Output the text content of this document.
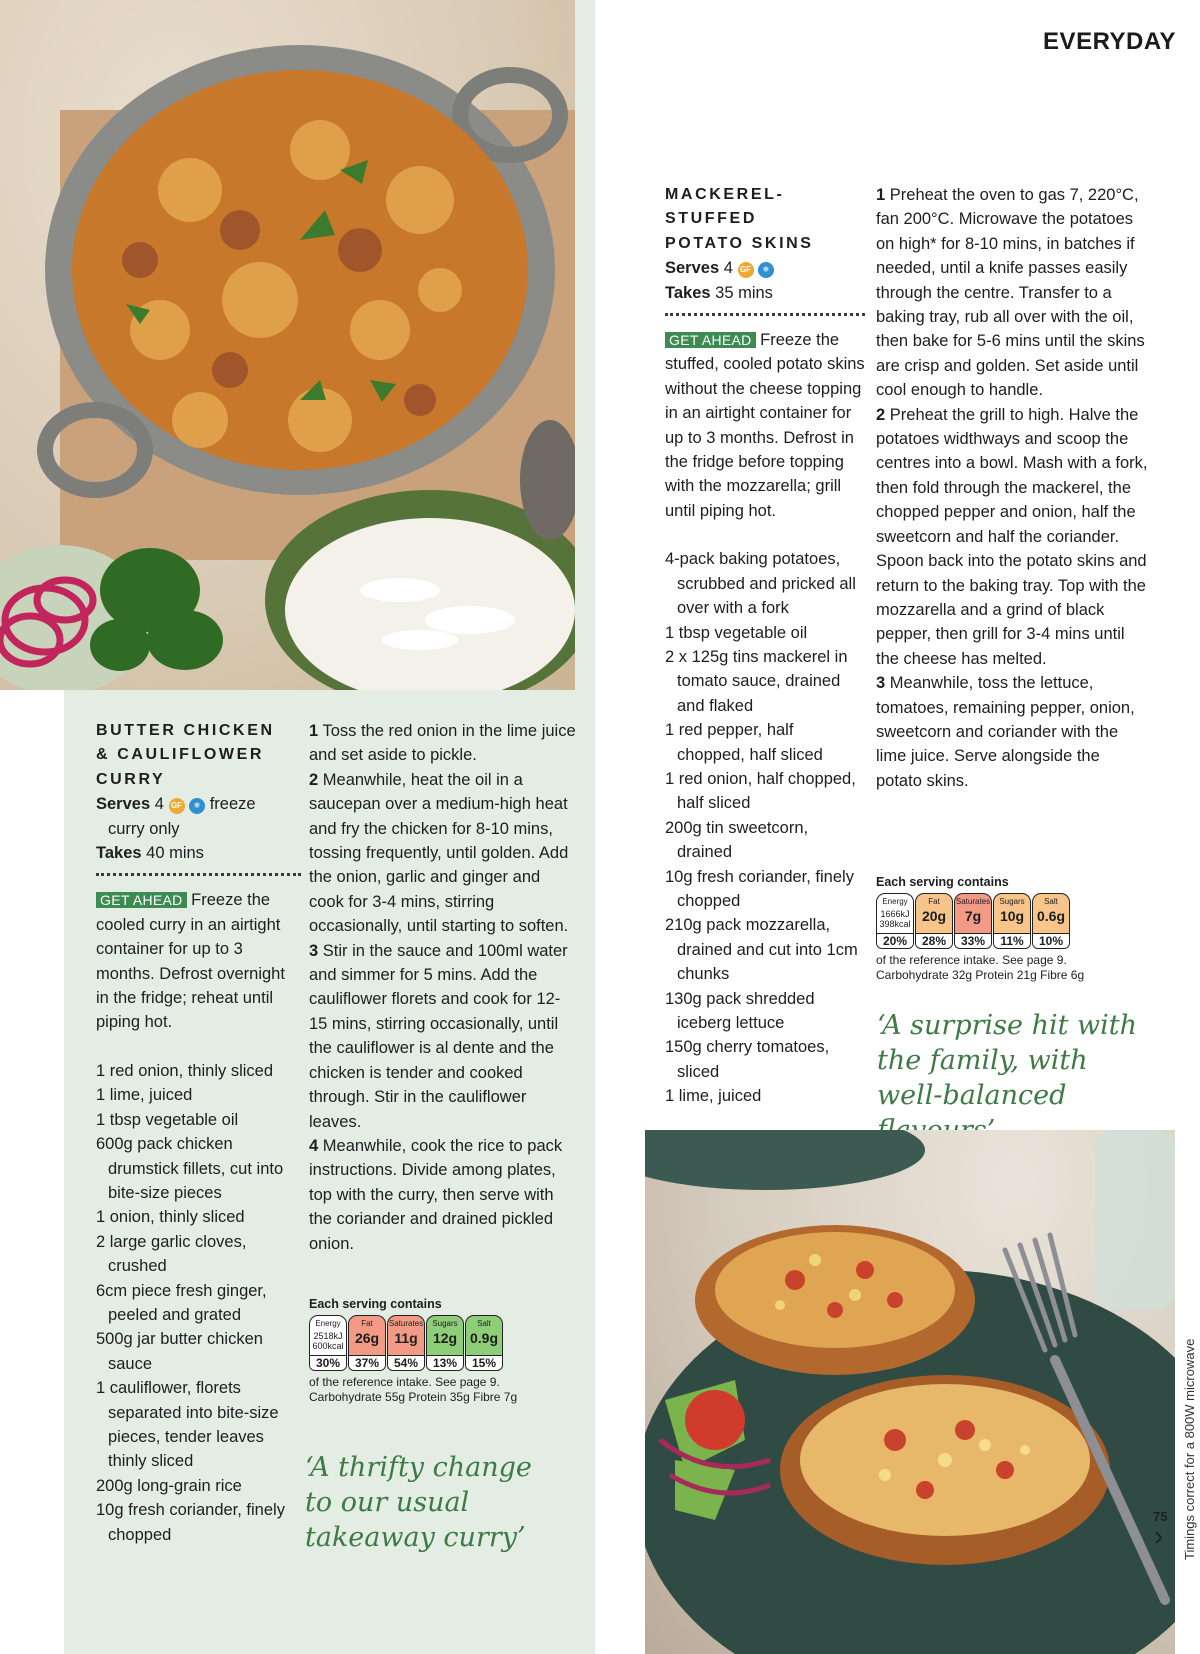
BUTTER CHICKEN
& CAULIFLOWER
CURRY
Serves 4 GF ❄ freeze
curry only
Takes 40 mins
GET AHEAD Freeze the cooled curry in an airtight container for up to 3 months. Defrost overnight in the fridge; reheat until piping hot.
1 red onion, thinly sliced
1 lime, juiced
1 tbsp vegetable oil
600g pack chicken drumstick fillets, cut into bite-size pieces
1 onion, thinly sliced
2 large garlic cloves, crushed
6cm piece fresh ginger, peeled and grated
500g jar butter chicken sauce
1 cauliflower, florets separated into bite-size pieces, tender leaves thinly sliced
200g long-grain rice
10g fresh coriander, finely chopped
1 Toss the red onion in the lime juice and set aside to pickle.
2 Meanwhile, heat the oil in a saucepan over a medium-high heat and fry the chicken for 8-10 mins, tossing frequently, until golden. Add the onion, garlic and ginger and cook for 3-4 mins, stirring occasionally, until starting to soften.
3 Stir in the sauce and 100ml water and simmer for 5 mins. Add the cauliflower florets and cook for 12-15 mins, stirring occasionally, until the cauliflower is al dente and the chicken is tender and cooked through. Stir in the cauliflower leaves.
4 Meanwhile, cook the rice to pack instructions. Divide among plates, top with the curry, then serve with the coriander and drained pickled onion.
Each serving contains
Energy
2518kJ
600kcal
30%
Fat
26g
37%
Saturates
11g
54%
Sugars
12g
13%
Salt
0.9g
15%
of the reference intake. See page 9.
Carbohydrate 55g Protein 35g Fibre 7g
‘A thrifty change to our usual takeaway curry’
EVERYDAY
MACKEREL-STUFFED
POTATO SKINS
Serves 4 GF ❄
Takes 35 mins
GET AHEAD Freeze the stuffed, cooled potato skins without the cheese topping in an airtight container for up to 3 months. Defrost in the fridge before topping with the mozzarella; grill until piping hot.
4-pack baking potatoes, scrubbed and pricked all over with a fork
1 tbsp vegetable oil
2 x 125g tins mackerel in tomato sauce, drained and flaked
1 red pepper, half chopped, half sliced
1 red onion, half chopped, half sliced
200g tin sweetcorn, drained
10g fresh coriander, finely chopped
210g pack mozzarella, drained and cut into 1cm chunks
130g pack shredded iceberg lettuce
150g cherry tomatoes, sliced
1 lime, juiced
1 Preheat the oven to gas 7, 220°C, fan 200°C. Microwave the potatoes on high* for 8-10 mins, in batches if needed, until a knife passes easily through the centre. Transfer to a baking tray, rub all over with the oil, then bake for 5-6 mins until the skins are crisp and golden. Set aside until cool enough to handle.
2 Preheat the grill to high. Halve the potatoes widthways and scoop the centres into a bowl. Mash with a fork, then fold through the mackerel, the chopped pepper and onion, half the sweetcorn and half the coriander. Spoon back into the potato skins and return to the baking tray. Top with the mozzarella and a grind of black pepper, then grill for 3-4 mins until the cheese has melted.
3 Meanwhile, toss the lettuce, tomatoes, remaining pepper, onion, sweetcorn and coriander with the lime juice. Serve alongside the potato skins.
Each serving contains
Energy
1666kJ
398kcal
20%
Fat
20g
28%
Saturates
7g
33%
Sugars
10g
11%
Salt
0.6g
10%
of the reference intake. See page 9.
Carbohydrate 32g Protein 21g Fibre 6g
‘A surprise hit with the family, with well-balanced
Timings correct for a 800W microwave
75
›
